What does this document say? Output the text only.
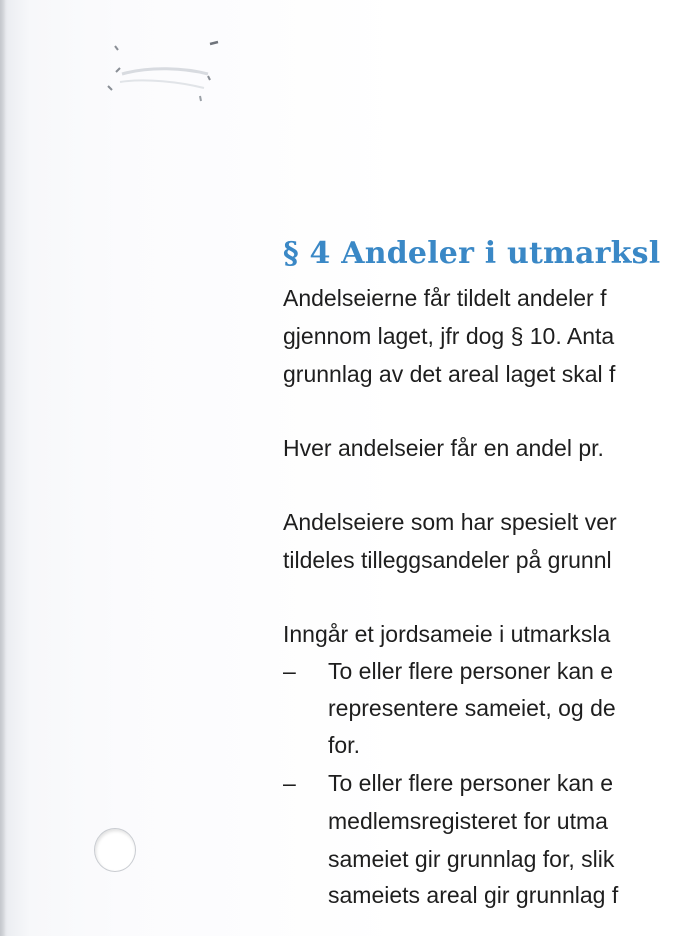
§ 4 Andeler i utmarksl
Andelseierne får tildelt andeler f
gjennom laget, jfr dog § 10. Anta
grunnlag av det areal laget skal f
Hver andelseier får en andel pr.
Andelseiere som har spesielt ver
tildeles tilleggsandeler på grunnl
Inngår et jordsameie i utmarksla
– To eller flere personer kan e
representere sameiet, og de
for.
– To eller flere personer kan e
medlemsregisteret for utma
sameiet gir grunnlag for, slik
sameiets areal gir grunnlag f
